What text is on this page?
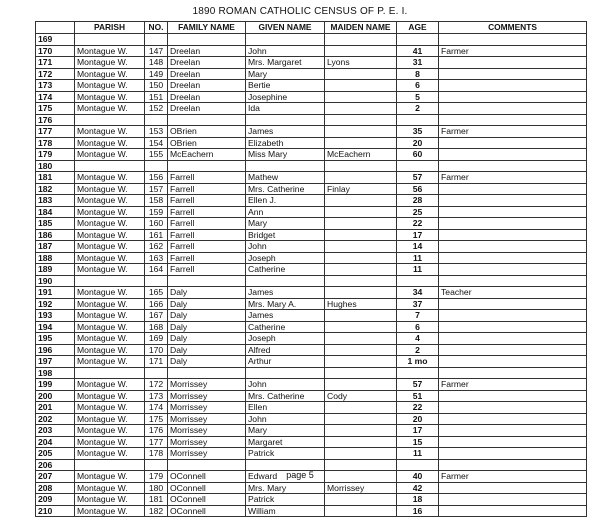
1890 ROMAN CATHOLIC CENSUS OF P. E. I.
	PARISH	NO.	FAMILY NAME	GIVEN NAME	MAIDEN NAME	AGE	COMMENTS
169							
170	Montague W.	147	Dreelan	John		41	Farmer
171	Montague W.	148	Dreelan	Mrs. Margaret	Lyons	31	
172	Montague W.	149	Dreelan	Mary		8	
173	Montague W.	150	Dreelan	Bertie		6	
174	Montague W.	151	Dreelan	Josephine		5	
175	Montague W.	152	Dreelan	Ida		2	
176							
177	Montague W.	153	OBrien	James		35	Farmer
178	Montague W.	154	OBrien	Elizabeth		20	
179	Montague W.	155	McEachern	Miss Mary	McEachern	60	
180							
181	Montague W.	156	Farrell	Mathew		57	Farmer
182	Montague W.	157	Farrell	Mrs. Catherine	Finlay	56	
183	Montague W.	158	Farrell	Ellen J.		28	
184	Montague W.	159	Farrell	Ann		25	
185	Montague W.	160	Farrell	Mary		22	
186	Montague W.	161	Farrell	Bridget		17	
187	Montague W.	162	Farrell	John		14	
188	Montague W.	163	Farrell	Joseph		11	
189	Montague W.	164	Farrell	Catherine		11	
190							
191	Montague W.	165	Daly	James		34	Teacher
192	Montague W.	166	Daly	Mrs. Mary A.	Hughes	37	
193	Montague W.	167	Daly	James		7	
194	Montague W.	168	Daly	Catherine		6	
195	Montague W.	169	Daly	Joseph		4	
196	Montague W.	170	Daly	Alfred		2	
197	Montague W.	171	Daly	Arthur		1 mo	
198							
199	Montague W.	172	Morrissey	John		57	Farmer
200	Montague W.	173	Morrissey	Mrs. Catherine	Cody	51	
201	Montague W.	174	Morrissey	Ellen		22	
202	Montague W.	175	Morrissey	John		20	
203	Montague W.	176	Morrissey	Mary		17	
204	Montague W.	177	Morrissey	Margaret		15	
205	Montague W.	178	Morrissey	Patrick		11	
206							
207	Montague W.	179	OConnell	Edward		40	Farmer
208	Montague W.	180	OConnell	Mrs. Mary	Morrissey	42	
209	Montague W.	181	OConnell	Patrick		18	
210	Montague W.	182	OConnell	William		16	
page 5
